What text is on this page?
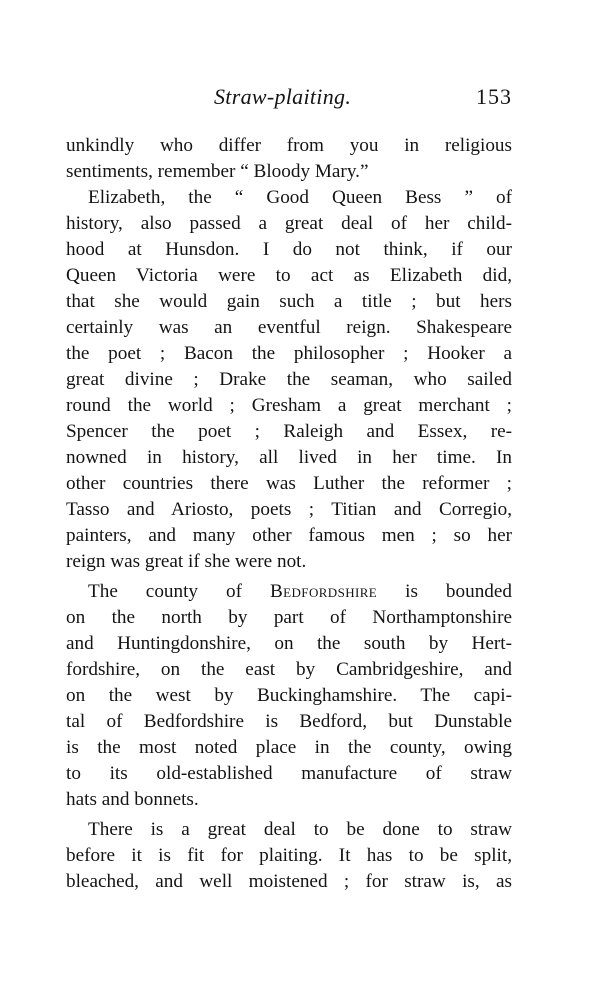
Straw-plaiting.	153
unkindly who differ from you in religious
sentiments, remember “ Bloody Mary.”
Elizabeth, the “ Good Queen Bess ” of
history, also passed a great deal of her child-
hood at Hunsdon. I do not think, if our
Queen Victoria were to act as Elizabeth did,
that she would gain such a title ; but hers
certainly was an eventful reign. Shakespeare
the poet ; Bacon the philosopher ; Hooker a
great divine ; Drake the seaman, who sailed
round the world ; Gresham a great merchant ;
Spencer the poet ; Raleigh and Essex, re-
nowned in history, all lived in her time. In
other countries there was Luther the reformer ;
Tasso and Ariosto, poets ; Titian and Corregio,
painters, and many other famous men ; so her
reign was great if she were not.
The county of Bedfordshire is bounded
on the north by part of Northamptonshire
and Huntingdonshire, on the south by Hert-
fordshire, on the east by Cambridgeshire, and
on the west by Buckinghamshire. The capi-
tal of Bedfordshire is Bedford, but Dunstable
is the most noted place in the county, owing
to its old-established manufacture of straw
hats and bonnets.
There is a great deal to be done to straw
before it is fit for plaiting. It has to be split,
bleached, and well moistened ; for straw is, as
